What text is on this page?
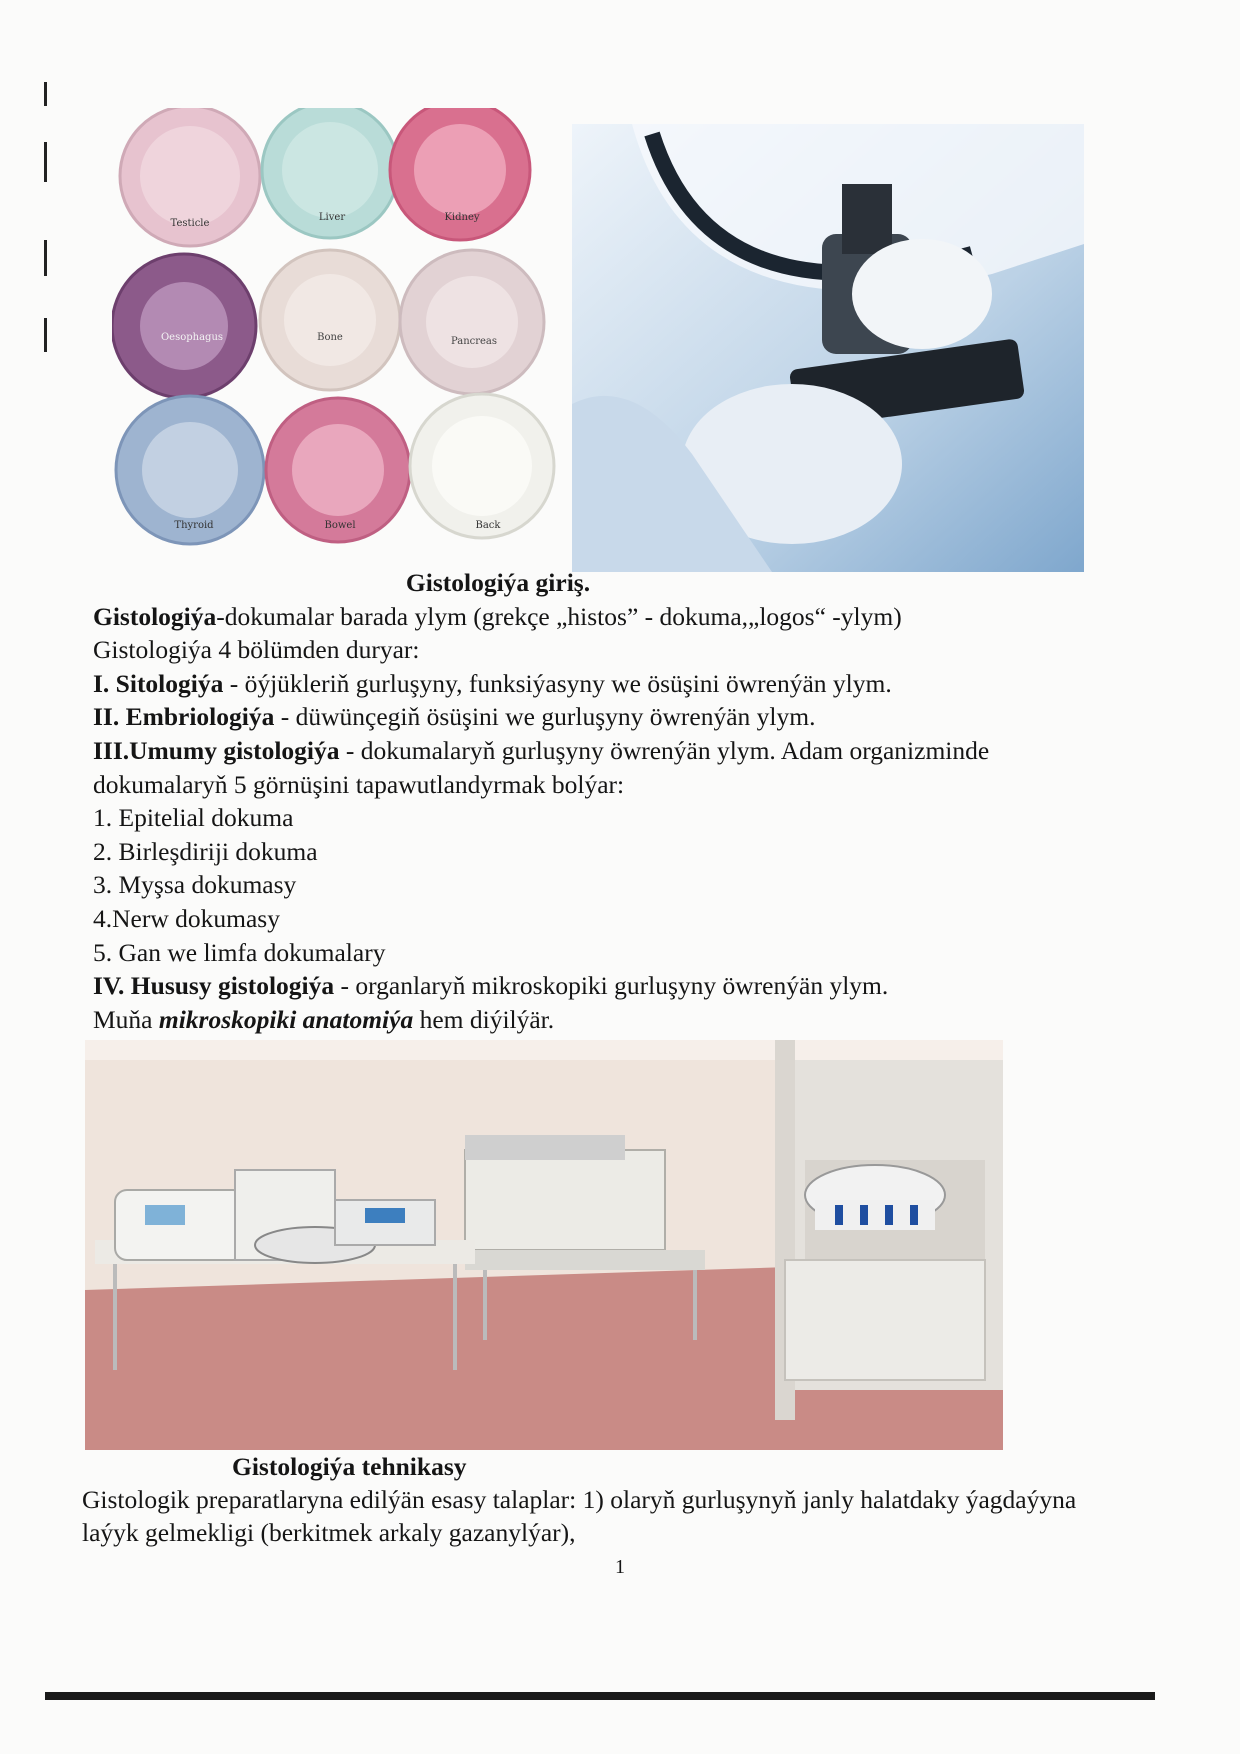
Testicle
Liver	Kidney
Oesophagus	Bone	Pancreas
Thyroid	Bowel	Back
Gistologiýa giriş.

Gistologiýa-dokumalar barada ylym (grekçe „histos” - dokuma,„logos“ -ylym)

Gistologiýa 4 bölümden duryar:

I. Sitologiýa - öýjükleriň gurluşyny, funksiýasyny we ösüşini öwrenýän ylym.

II. Embriologiýa - düwünçegiň ösüşini we gurluşyny öwrenýän ylym.

III.Umumy gistologiýa - dokumalaryň gurluşyny öwrenýän ylym. Adam organizminde dokumalaryň 5 görnüşini tapawutlandyrmak bolýar:

1. Epitelial dokuma

2. Birleşdiriji dokuma

3. Myşsa dokumasy

4.Nerw dokumasy

5. Gan we limfa dokumalary

IV. Hususy gistologiýa - organlaryň mikroskopiki gurluşyny öwrenýän ylym.

Muňa mikroskopiki anatomiýa hem diýilýär.

Gistologiýa tehnikasy

Gistologik preparatlaryna edilýän esasy talaplar: 1) olaryň gurluşynyň janly halatdaky ýagdaýyna laýyk gelmekligi (berkitmek arkaly gazanylýar),

1
